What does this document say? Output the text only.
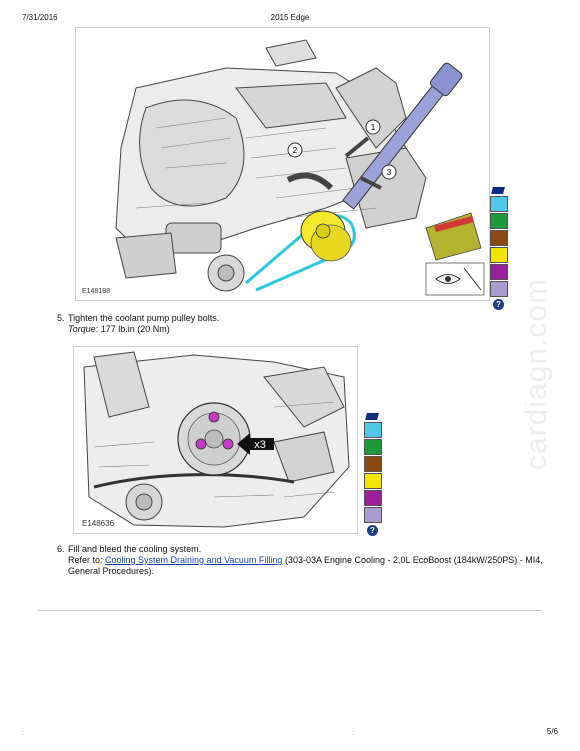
7/31/2016	2015 Edge
1
2
3
E148188
?
5. Tighten the coolant pump pulley bolts.
Torque: 177 lb.in (20 Nm)
x3
E148636
?
6. Fill and bleed the cooling system.
Refer to: Cooling System Draining and Vacuum Filling (303-03A Engine Cooling - 2.0L EcoBoost (184kW/250PS) - MI4, General Procedures).
cardiagn.com
:	:	5/6
